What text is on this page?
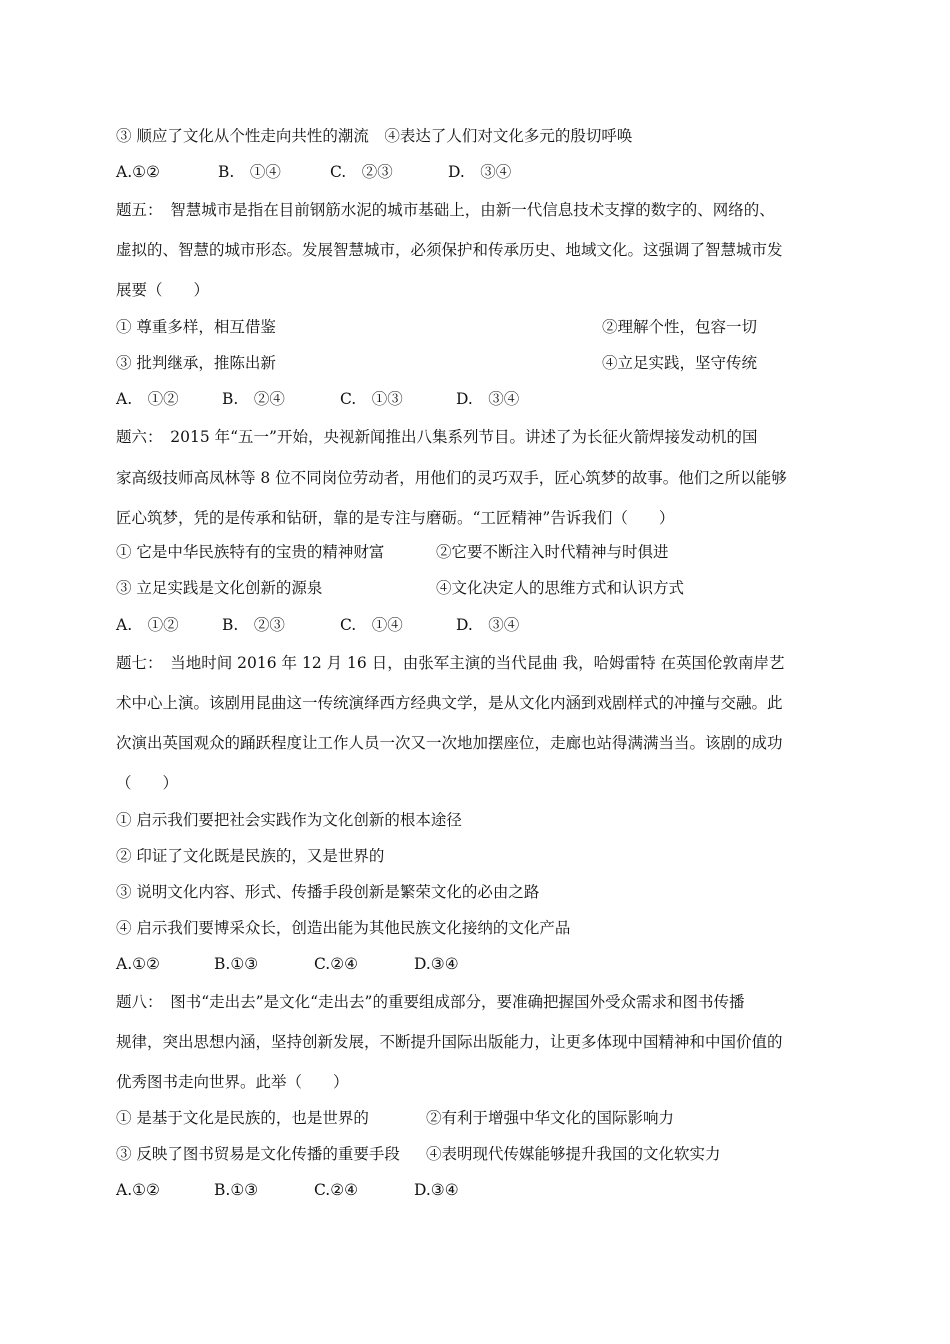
③ 顺应了文化从个性走向共性的潮流　④表达了人们对文化多元的殷切呼唤
A.①②	B.　①④	C.　②③	D.　③④
题五：　智慧城市是指在目前钢筋水泥的城市基础上，由新一代信息技术支撑的数字的、网络的、
虚拟的、智慧的城市形态。发展智慧城市，必须保护和传承历史、地域文化。这强调了智慧城市发
展要（　　）
① 尊重多样，相互借鉴	②理解个性，包容一切
③ 批判继承，推陈出新	④立足实践，坚守传统
A.　①②	B.　②④	C.　①③	D.　③④
题六：　2015 年“五一”开始，央视新闻推出八集系列节目。讲述了为长征火箭焊接发动机的国
家高级技师高凤林等 8 位不同岗位劳动者，用他们的灵巧双手，匠心筑梦的故事。他们之所以能够
匠心筑梦，凭的是传承和钻研，靠的是专注与磨砺。“工匠精神”告诉我们（　　）
① 它是中华民族特有的宝贵的精神财富	②它要不断注入时代精神与时俱进
③ 立足实践是文化创新的源泉	④文化决定人的思维方式和认识方式
A.　①②	B.　②③	C.　①④	D.　③④
题七：　当地时间 2016 年 12 月 16 日，由张军主演的当代昆曲 我，哈姆雷特 在英国伦敦南岸艺
术中心上演。该剧用昆曲这一传统演绎西方经典文学，是从文化内涵到戏剧样式的冲撞与交融。此
次演出英国观众的踊跃程度让工作人员一次又一次地加摆座位，走廊也站得满满当当。该剧的成功
（　　）
① 启示我们要把社会实践作为文化创新的根本途径
② 印证了文化既是民族的，又是世界的
③ 说明文化内容、形式、传播手段创新是繁荣文化的必由之路
④ 启示我们要博采众长，创造出能为其他民族文化接纳的文化产品
A.①②	B.①③	C.②④	D.③④
题八：　图书“走出去”是文化“走出去”的重要组成部分，要准确把握国外受众需求和图书传播
规律，突出思想内涵，坚持创新发展，不断提升国际出版能力，让更多体现中国精神和中国价值的
优秀图书走向世界。此举（　　）
① 是基于文化是民族的，也是世界的	②有利于增强中华文化的国际影响力
③ 反映了图书贸易是文化传播的重要手段 ④表明现代传媒能够提升我国的文化软实力
A.①②	B.①③	C.②④	D.③④
